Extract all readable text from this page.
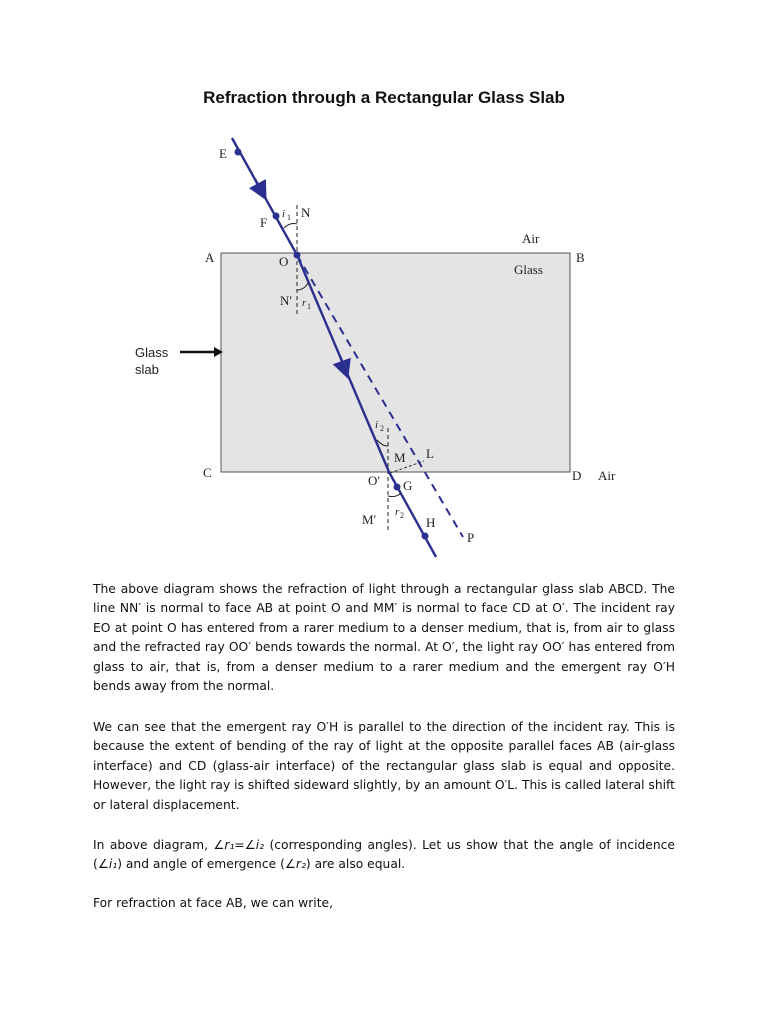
Refraction through a Rectangular Glass Slab
E
F
i 1 N
A	O
Air
B
Glass
N′ r 1
Glass
slab
i 2
M L
C
O′ G
D Air
M′ r 2 H
P

The above diagram shows the refraction of light through a rectangular glass slab ABCD. The line NN′ is normal to face AB at point O and MM′ is normal to face CD at O′. The incident ray EO at point O has entered from a rarer medium to a denser medium, that is, from air to glass and the refracted ray OO′ bends towards the normal. At O′, the light ray OO′ has entered from glass to air, that is, from a denser medium to a rarer medium and the emergent ray O′H bends away from the normal.

We can see that the emergent ray O′H is parallel to the direction of the incident ray. This is because the extent of bending of the ray of light at the opposite parallel faces AB (air-glass interface) and CD (glass-air interface) of the rectangular glass slab is equal and opposite. However, the light ray is shifted sideward slightly, by an amount O′L. This is called lateral shift or lateral displacement.

In above diagram, ∠r₁=∠i₂ (corresponding angles). Let us show that the angle of incidence (∠i₁) and angle of emergence (∠r₂) are also equal.

For refraction at face AB, we can write,
